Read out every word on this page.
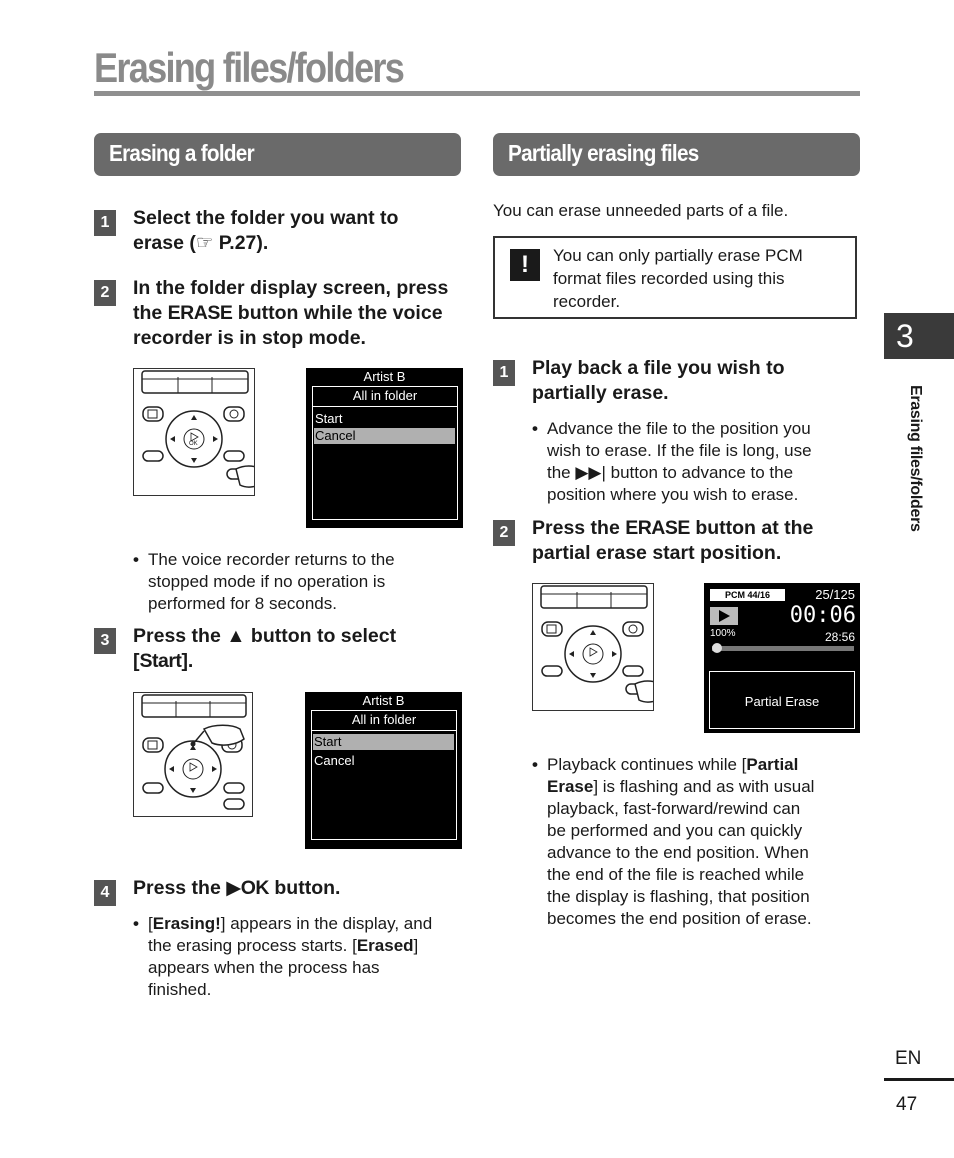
Erasing files/folders
Erasing a folder	Partially erasing files
1	Select the folder you want to
erase (☞ P.27).

2	In the folder display screen, press
the ERASE button while the voice
recorder is in stop mode.

OK
Artist B
All in folder
Start
Cancel
• The voice recorder returns to the
stopped mode if no operation is
performed for 8 seconds.

3	Press the ▲ button to select
[Start].

Artist B
All in folder
Start
Cancel
4	Press the ▶OK button.

• [Erasing!] appears in the display, and
the erasing process starts. [Erased]
appears when the process has
finished.

You can erase unneeded parts of a file.

!	You can only partially erase PCM format files recorded using this recorder.

1	Play back a file you wish to
partially erase.

• Advance the file to the position you
wish to erase. If the file is long, use
the ▶▶| button to advance to the
position where you wish to erase.

2	Press the ERASE button at the
partial erase start position.

PCM 44/16	25/125
00:06
100%	28:56
Partial Erase
• Playback continues while [Partial
Erase] is flashing and as with usual
playback, fast-forward/rewind can
be performed and you can quickly
advance to the end position. When
the end of the file is reached while
the display is flashing, that position
becomes the end position of erase.

3
Erasing files/folders
EN
47
